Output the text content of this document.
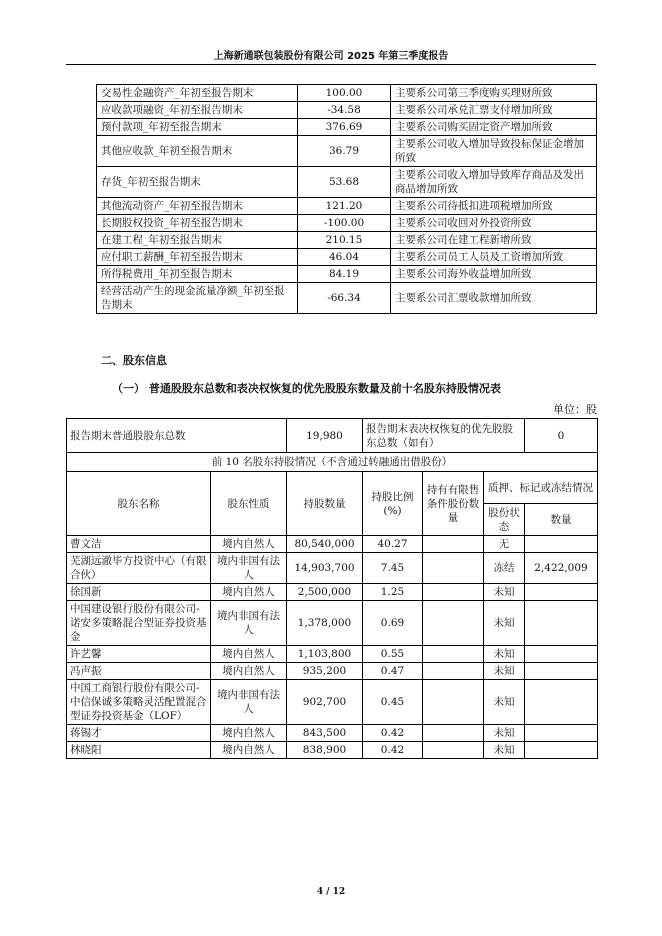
上海新通联包装股份有限公司 2025 年第三季度报告
交易性金融资产_年初至报告期末	100.00	主要系公司第三季度购买理财所致
应收款项融资_年初至报告期末	-34.58	主要系公司承兑汇票支付增加所致
预付款项_年初至报告期末	376.69	主要系公司购买固定资产增加所致
其他应收款_年初至报告期末	36.79	主要系公司收入增加导致投标保证金增加所致
存货_年初至报告期末	53.68	主要系公司收入增加导致库存商品及发出商品增加所致
其他流动资产_年初至报告期末	121.20	主要系公司待抵扣进项税增加所致
长期股权投资_年初至报告期末	-100.00	主要系公司收回对外投资所致
在建工程_年初至报告期末	210.15	主要系公司在建工程新增所致
应付职工薪酬_年初至报告期末	46.04	主要系公司员工人员及工资增加所致
所得税费用_年初至报告期末	84.19	主要系公司海外收益增加所致
经营活动产生的现金流量净额_年初至报告期末	-66.34	主要系公司汇票收款增加所致
二、股东信息
（一） 普通股股东总数和表决权恢复的优先股股东数量及前十名股东持股情况表
单位：股
报告期末普通股股东总数		19,980	报告期末表决权恢复的优先股股东总数（如有）			0
前 10 名股东持股情况（不含通过转融通出借股份）						
股东名称	股东性质	持股数量	持股比例(%)	持有有限售条件股份数量	质押、标记或冻结情况	
					股份状态	数量
曹文洁	境内自然人	80,540,000	40.27		无	
芜湖远澈毕方投资中心（有限合伙）	境内非国有法人	14,903,700	7.45		冻结	2,422,009
徐国新	境内自然人	2,500,000	1.25		未知	
中国建设银行股份有限公司-诺安多策略混合型证券投资基金	境内非国有法人	1,378,000	0.69		未知	
许艺馨	境内自然人	1,103,800	0.55		未知	
冯声振	境内自然人	935,200	0.47		未知	
中国工商银行股份有限公司-中信保诚多策略灵活配置混合型证券投资基金（LOF）	境内非国有法人	902,700	0.45		未知	
蒋锡才	境内自然人	843,500	0.42		未知	
林晓阳	境内自然人	838,900	0.42		未知	
4 / 12
